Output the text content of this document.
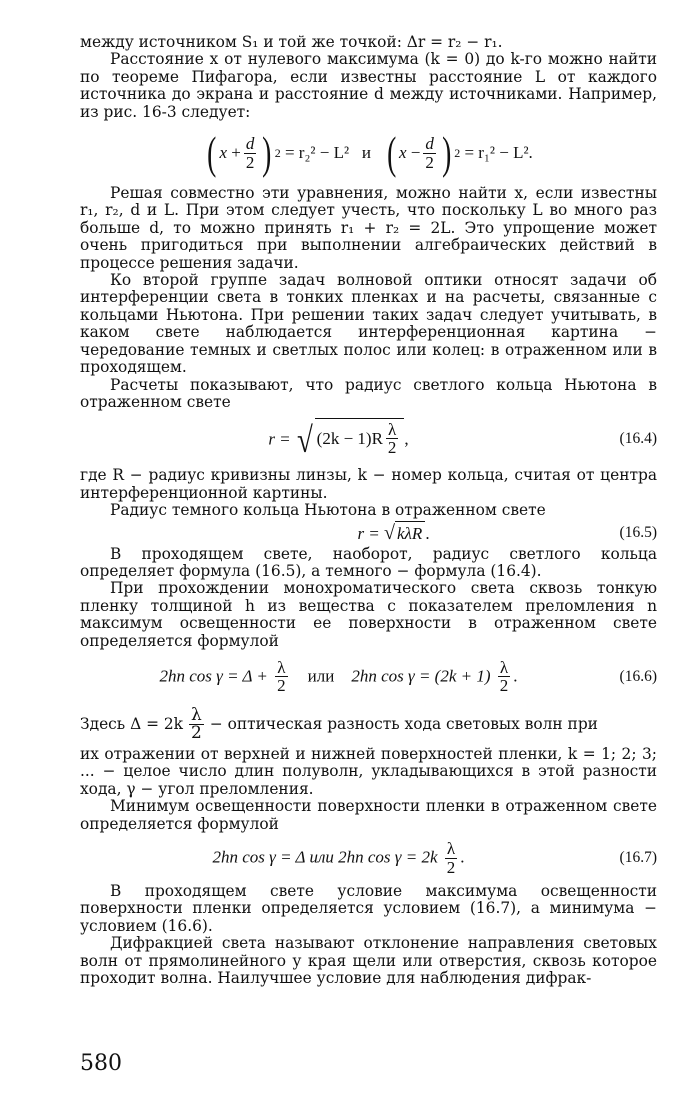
между источником S₁ и той же точкой: Δr = r₂ − r₁.

Расстояние x от нулевого максимума (k = 0) до k-го можно найти по теореме Пифагора, если известны расстояние L от каждого источника до экрана и расстояние d между источниками. Например, из рис. 16-3 следует:

( x
+ $\frac{d}{2}$ ) 2
= r₂² − L²
и
( x
− $\frac{d}{2}$ ) 2
= r₁² − L².

Решая совместно эти уравнения, можно найти x, если известны r₁, r₂, d и L. При этом следует учесть, что поскольку L во много раз больше d, то можно принять r₁ + r₂ = 2L. Это упрощение может очень пригодиться при выполнении алгебраических действий в процессе решения задачи.

Ко второй группе задач волновой оптики относят задачи об интерференции света в тонких пленках и на расчеты, связанные с кольцами Ньютона. При решении таких задач следует учитывать, в каком свете наблюдается интерференционная картина − чередование темных и светлых полос или колец: в отраженном или в проходящем.

Расчеты показывают, что радиус светлого кольца Ньютона в отраженном свете

r = √ $(2k - 1)R \frac{\lambda}{2}$ ,	(16.4)

где R − радиус кривизны линзы, k − номер кольца, считая от центра интерференционной картины.

Радиус темного кольца Ньютона в отраженном свете

r = √ kλR .	(16.5)

В проходящем свете, наоборот, радиус светлого кольца определяет формула (16.5), а темного − формула (16.4).

При прохождении монохроматического света сквозь тонкую пленку толщиной h из вещества с показателем преломления n максимум освещенности ее поверхности в отраженном свете определяется формулой

2hn $\cos \gamma = \Delta + \frac{\lambda}{2}$ или 2hn $\cos \gamma = (2k + 1) \frac{\lambda}{2}$ .	(16.6)
Здесь $\Delta = 2k \frac{\lambda}{2}$ − оптическая разность хода световых волн при

их отражении от верхней и нижней поверхностей пленки, k = 1; 2; 3; ... − целое число длин полуволн, укладывающихся в этой разности хода, γ − угол преломления.

Минимум освещенности поверхности пленки в отраженном свете определяется формулой

2hn cos γ = Δ или 2hn $\cos \gamma = 2k \frac{\lambda}{2}$ .	(16.7)

В проходящем свете условие максимума освещенности поверхности пленки определяется условием (16.7), а минимума − условием (16.6).

Дифракцией света называют отклонение направления световых волн от прямолинейного у края щели или отверстия, сквозь которое проходит волна. Наилучшее условие для наблюдения дифрак-

580
